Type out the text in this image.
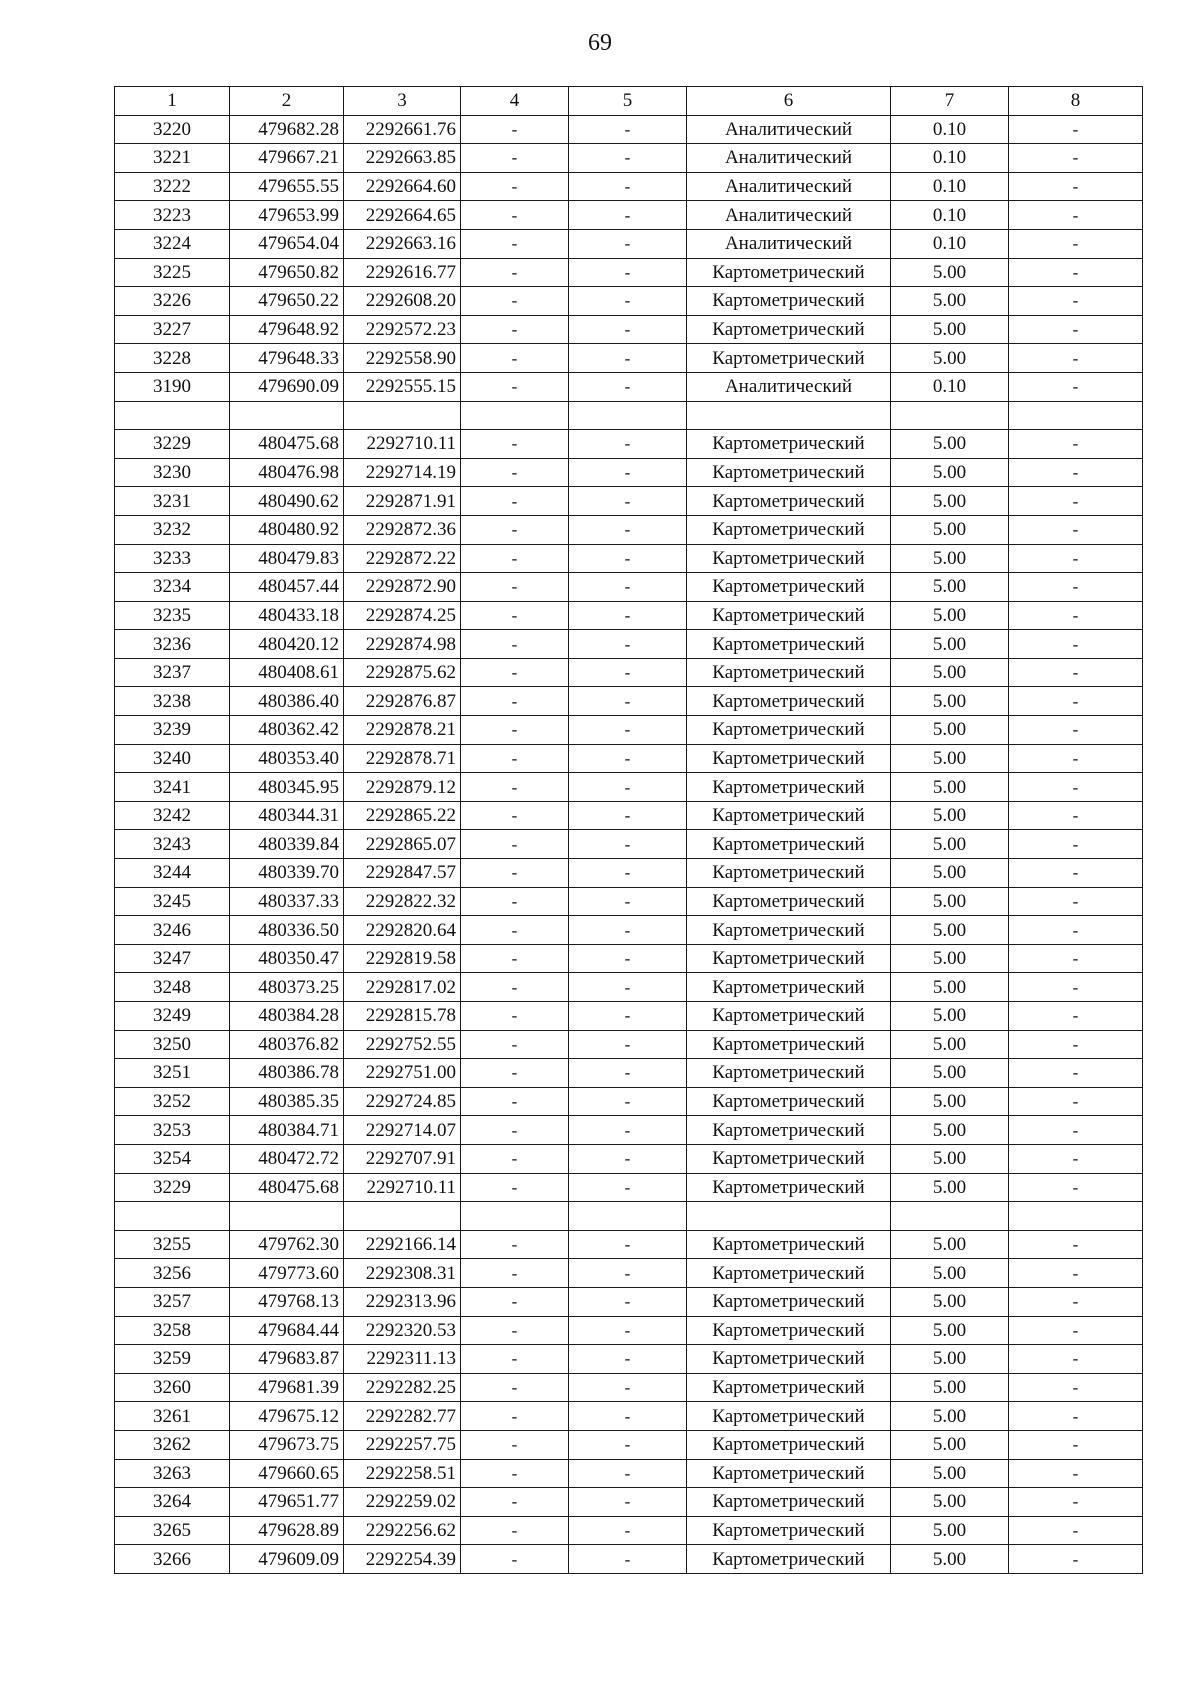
69
1	2	3	4	5	6	7	8
3220	479682.28	2292661.76	-	-	Аналитический	0.10	-
3221	479667.21	2292663.85	-	-	Аналитический	0.10	-
3222	479655.55	2292664.60	-	-	Аналитический	0.10	-
3223	479653.99	2292664.65	-	-	Аналитический	0.10	-
3224	479654.04	2292663.16	-	-	Аналитический	0.10	-
3225	479650.82	2292616.77	-	-	Картометрический	5.00	-
3226	479650.22	2292608.20	-	-	Картометрический	5.00	-
3227	479648.92	2292572.23	-	-	Картометрический	5.00	-
3228	479648.33	2292558.90	-	-	Картометрический	5.00	-
3190	479690.09	2292555.15	-	-	Аналитический	0.10	-

3229	480475.68	2292710.11	-	-	Картометрический	5.00	-
3230	480476.98	2292714.19	-	-	Картометрический	5.00	-
3231	480490.62	2292871.91	-	-	Картометрический	5.00	-
3232	480480.92	2292872.36	-	-	Картометрический	5.00	-
3233	480479.83	2292872.22	-	-	Картометрический	5.00	-
3234	480457.44	2292872.90	-	-	Картометрический	5.00	-
3235	480433.18	2292874.25	-	-	Картометрический	5.00	-
3236	480420.12	2292874.98	-	-	Картометрический	5.00	-
3237	480408.61	2292875.62	-	-	Картометрический	5.00	-
3238	480386.40	2292876.87	-	-	Картометрический	5.00	-
3239	480362.42	2292878.21	-	-	Картометрический	5.00	-
3240	480353.40	2292878.71	-	-	Картометрический	5.00	-
3241	480345.95	2292879.12	-	-	Картометрический	5.00	-
3242	480344.31	2292865.22	-	-	Картометрический	5.00	-
3243	480339.84	2292865.07	-	-	Картометрический	5.00	-
3244	480339.70	2292847.57	-	-	Картометрический	5.00	-
3245	480337.33	2292822.32	-	-	Картометрический	5.00	-
3246	480336.50	2292820.64	-	-	Картометрический	5.00	-
3247	480350.47	2292819.58	-	-	Картометрический	5.00	-
3248	480373.25	2292817.02	-	-	Картометрический	5.00	-
3249	480384.28	2292815.78	-	-	Картометрический	5.00	-
3250	480376.82	2292752.55	-	-	Картометрический	5.00	-
3251	480386.78	2292751.00	-	-	Картометрический	5.00	-
3252	480385.35	2292724.85	-	-	Картометрический	5.00	-
3253	480384.71	2292714.07	-	-	Картометрический	5.00	-
3254	480472.72	2292707.91	-	-	Картометрический	5.00	-
3229	480475.68	2292710.11	-	-	Картометрический	5.00	-

3255	479762.30	2292166.14	-	-	Картометрический	5.00	-
3256	479773.60	2292308.31	-	-	Картометрический	5.00	-
3257	479768.13	2292313.96	-	-	Картометрический	5.00	-
3258	479684.44	2292320.53	-	-	Картометрический	5.00	-
3259	479683.87	2292311.13	-	-	Картометрический	5.00	-
3260	479681.39	2292282.25	-	-	Картометрический	5.00	-
3261	479675.12	2292282.77	-	-	Картометрический	5.00	-
3262	479673.75	2292257.75	-	-	Картометрический	5.00	-
3263	479660.65	2292258.51	-	-	Картометрический	5.00	-
3264	479651.77	2292259.02	-	-	Картометрический	5.00	-
3265	479628.89	2292256.62	-	-	Картометрический	5.00	-
3266	479609.09	2292254.39	-	-	Картометрический	5.00	-
